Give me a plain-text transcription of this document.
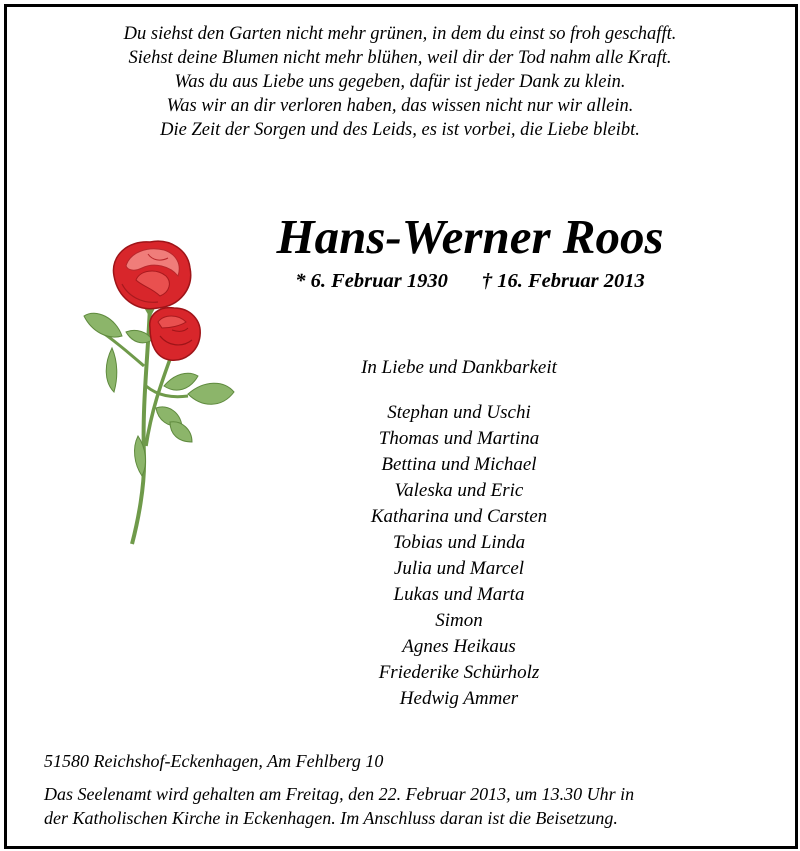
Du siehst den Garten nicht mehr grünen, in dem du einst so froh geschafft.
Siehst deine Blumen nicht mehr blühen, weil dir der Tod nahm alle Kraft.
Was du aus Liebe uns gegeben, dafür ist jeder Dank zu klein.
Was wir an dir verloren haben, das wissen nicht nur wir allein.
Die Zeit der Sorgen und des Leids, es ist vorbei, die Liebe bleibt.
Hans-Werner Roos
* 6. Februar 1930 † 16. Februar 2013
In Liebe und Dankbarkeit
Stephan und Uschi
Thomas und Martina
Bettina und Michael
Valeska und Eric
Katharina und Carsten
Tobias und Linda
Julia und Marcel
Lukas und Marta
Simon
Agnes Heikaus
Friederike Schürholz
Hedwig Ammer
51580 Reichshof-Eckenhagen, Am Fehlberg 10
Das Seelenamt wird gehalten am Freitag, den 22. Februar 2013, um 13.30 Uhr in
der Katholischen Kirche in Eckenhagen. Im Anschluss daran ist die Beisetzung.
